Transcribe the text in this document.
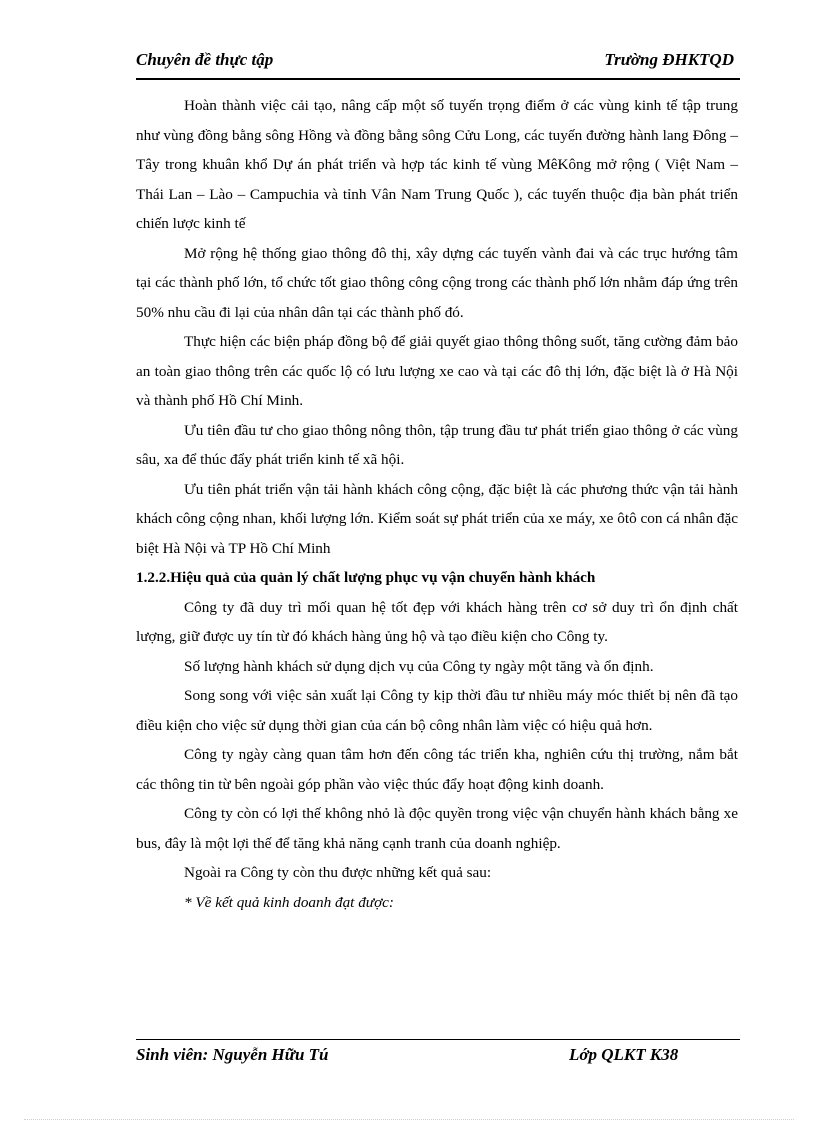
Chuyên đề thực tập	Trường ĐHKTQD

Hoàn thành việc cải tạo, nâng cấp một số tuyến trọng điểm ở các vùng kinh tế tập trung như vùng đồng bằng sông Hồng và đồng bằng sông Cửu Long, các tuyến đường hành lang Đông – Tây trong khuân khổ Dự án phát triển và hợp tác kinh tế vùng MêKông mở rộng ( Việt Nam – Thái Lan – Lào – Campuchia và tỉnh Vân Nam Trung Quốc ), các tuyến thuộc địa bàn phát triển chiến lược kinh tế

Mở rộng hệ thống giao thông đô thị, xây dựng các tuyến vành đai và các trục hướng tâm tại các thành phố lớn, tổ chức tốt giao thông công cộng trong các thành phố lớn nhằm đáp ứng trên 50% nhu cầu đi lại của nhân dân tại các thành phố đó.

Thực hiện các biện pháp đồng bộ để giải quyết giao thông thông suốt, tăng cường đảm bảo an toàn giao thông trên các quốc lộ có lưu lượng xe cao và tại các đô thị lớn, đặc biệt là ở Hà Nội và thành phố Hồ Chí Minh.

Ưu tiên đầu tư cho giao thông nông thôn, tập trung đầu tư phát triển giao thông ở các vùng sâu, xa để thúc đẩy phát triển kinh tế xã hội.

Ưu tiên phát triển vận tải hành khách công cộng, đặc biệt là các phương thức vận tải hành khách công cộng nhan, khối lượng lớn. Kiểm soát sự phát triển của xe máy, xe ôtô con cá nhân đặc biệt Hà Nội và TP Hồ Chí Minh

1.2.2.Hiệu quả của quản lý chất lượng phục vụ vận chuyển hành khách

Công ty đã duy trì mối quan hệ tốt đẹp với khách hàng trên cơ sở duy trì ổn định chất lượng, giữ được uy tín từ đó khách hàng ủng hộ và tạo điều kiện cho Công ty.

Số lượng hành khách sử dụng dịch vụ của Công ty ngày một tăng và ổn định.

Song song với việc sản xuất lại Công ty kịp thời đầu tư nhiều máy móc thiết bị nên đã tạo điều kiện cho việc sử dụng thời gian của cán bộ công nhân làm việc có hiệu quả hơn.

Công ty ngày càng quan tâm hơn đến công tác triển kha, nghiên cứu thị trường, nắm bắt các thông tin từ bên ngoài góp phần vào việc thúc đẩy hoạt động kinh doanh.

Công ty còn có lợi thế không nhỏ là độc quyền trong việc vận chuyển hành khách bằng xe bus, đây là một lợi thế để tăng khả năng cạnh tranh của doanh nghiệp.

Ngoài ra Công ty còn thu được những kết quả sau:

* Về kết quả kinh doanh đạt được:

Sinh viên: Nguyễn Hữu Tú	Lớp QLKT K38
